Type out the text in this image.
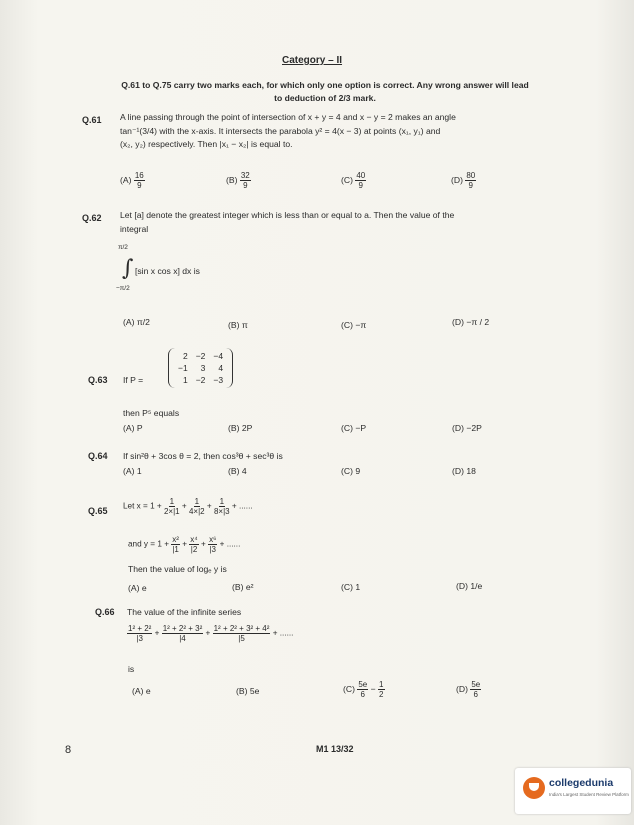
Category – II
Q.61 to Q.75 carry two marks each, for which only one option is correct. Any wrong answer will lead
to deduction of 2/3 mark.
Q.61 A line passing through the point of intersection of x + y = 4 and x − y = 2 makes an angle
tan⁻¹(3/4) with the x-axis. It intersects the parabola y² = 4(x − 3) at points (x₁, y₁) and
(x₂, y₂) respectively. Then |x₁ − x₂| is equal to.
$(A) \frac{16}{9}$	$(B) \frac{32}{9}$	$(C) \frac{40}{9}$	$(D) \frac{80}{9}$
Q.62 Let [a] denote the greatest integer which is less than or equal to a. Then the value of the
integral
π/2
∫
−π/2
[sin x cos x] dx is
(A) π/2	(B) π	(C) −π	(D) −π / 2
Q.63 If P =
2	−2	−4
−1	3	4
1	−2	−3
then P⁵ equals
(A) P	(B) 2P	(C) −P	(D) −2P
Q.64 If sin²θ + 3cos θ = 2, then cos³θ + sec³θ is
(A) 1	(B) 4	(C) 9	(D) 18
Q.65 Let $x = 1 + \frac{1}{2\times|1} + \frac{1}{4\times|2} + \frac{1}{8\times|3}$ + ......
and $y = 1 + \frac{\text{x²}}{|1} + \frac{\text{x⁴}}{|2} + \frac{\text{x⁶}}{|3}$ + ......
Then the value of logₑ y is
(A) e	(B) e²	(C) 1	(D) 1/e
Q.66 The value of the infinite series
$\frac{\text{1² + 2²}}{|3} + \frac{\text{1² + 2² + 3²}}{|4} + \frac{\text{1² + 2² + 3² + 4²}}{|5}$ + ......
is
(A) e	(B) 5e	$(C) \frac{5e}{6} - \frac{1}{2}$	$(D) \frac{5e}{6}$
8	M1 13/32
collegedunia
India's Largest Student Review Platform
